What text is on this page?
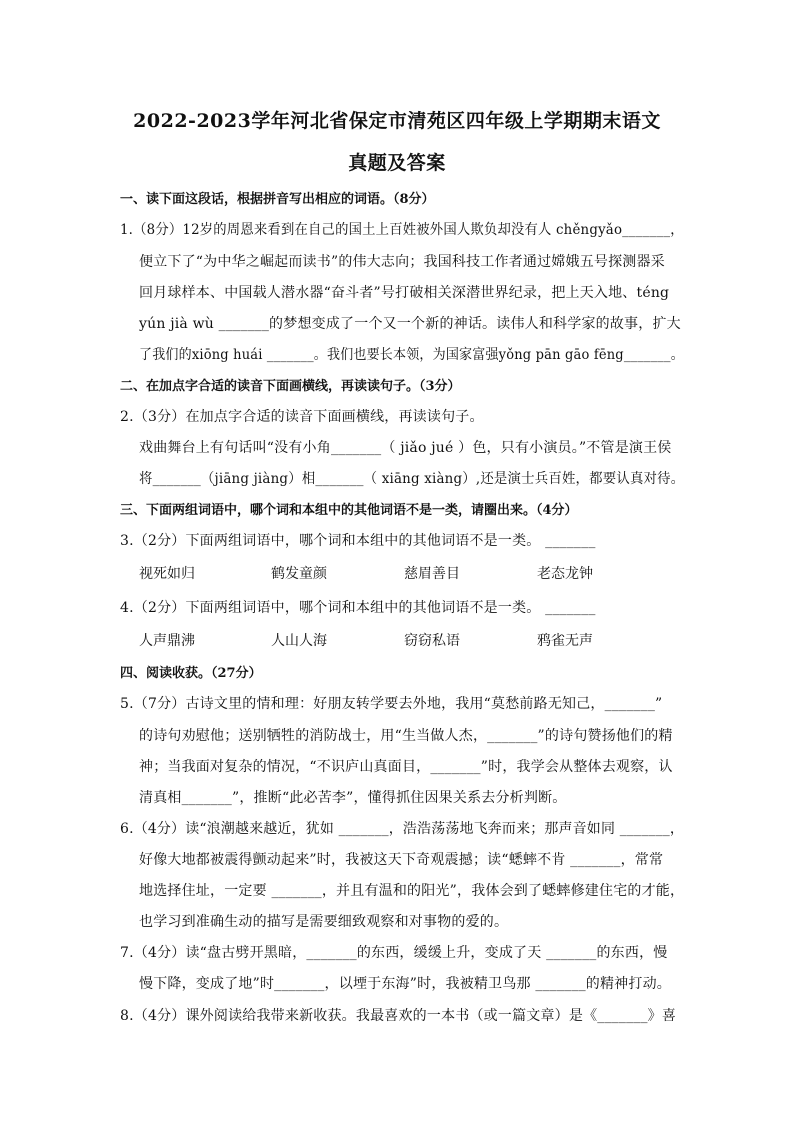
2022-2023学年河北省保定市清苑区四年级上学期期末语文
真题及答案
一、读下面这段话，根据拼音写出相应的词语。（8分）
1.（8分）12岁的周恩来看到在自己的国土上百姓被外国人欺负却没有人 chěngyǎo_______，
便立下了“为中华之崛起而读书”的伟大志向；我国科技工作者通过嫦娥五号探测器采
回月球样本、中国载人潜水器“奋斗者”号打破相关深潜世界纪录，把上天入地、téng
yún jià wù _______的梦想变成了一个又一个新的神话。读伟人和科学家的故事，扩大
了我们的xiōng huái _______。我们也要长本领，为国家富强yǒng pān gāo fēng_______。
二、在加点字合适的读音下面画横线，再读读句子。（3分）
2.（3分）在加点字合适的读音下面画横线，再读读句子。
戏曲舞台上有句话叫“没有小角_______（ jiǎo jué ）色，只有小演员。”不管是演王侯
将_______（jiāng jiàng）相_______（ xiāng xiàng）,还是演士兵百姓，都要认真对待。
三、下面两组词语中，哪个词和本组中的其他词语不是一类，请圈出来。（4分）
3.（2分）下面两组词语中，哪个词和本组中的其他词语不是一类。 _______
视死如归	鹤发童颜	慈眉善目	老态龙钟
4.（2分）下面两组词语中，哪个词和本组中的其他词语不是一类。 _______
人声鼎沸	人山人海	窃窃私语	鸦雀无声
四、阅读收获。（27分）
5.（7分）古诗文里的情和理：好朋友转学要去外地，我用“莫愁前路无知己，_______”
的诗句劝慰他；送别牺牲的消防战士，用“生当做人杰，_______”的诗句赞扬他们的精
神；当我面对复杂的情况，“不识庐山真面目，_______”时，我学会从整体去观察，认
清真相_______”，推断“此必苦李”，懂得抓住因果关系去分析判断。
6.（4分）读“浪潮越来越近，犹如 _______，浩浩荡荡地飞奔而来；那声音如同 _______，
好像大地都被震得颤动起来”时，我被这天下奇观震撼；读“蟋蟀不肯 _______，常常
地选择住址，一定要 _______，并且有温和的阳光”，我体会到了蟋蟀修建住宅的才能，
也学习到准确生动的描写是需要细致观察和对事物的爱的。
7.（4分）读“盘古劈开黑暗，_______的东西，缓缓上升，变成了天 _______的东西，慢
慢下降，变成了地”时_______，以堙于东海”时，我被精卫鸟那 _______的精神打动。
8.（4分）课外阅读给我带来新收获。我最喜欢的一本书（或一篇文章）是《_______》喜
